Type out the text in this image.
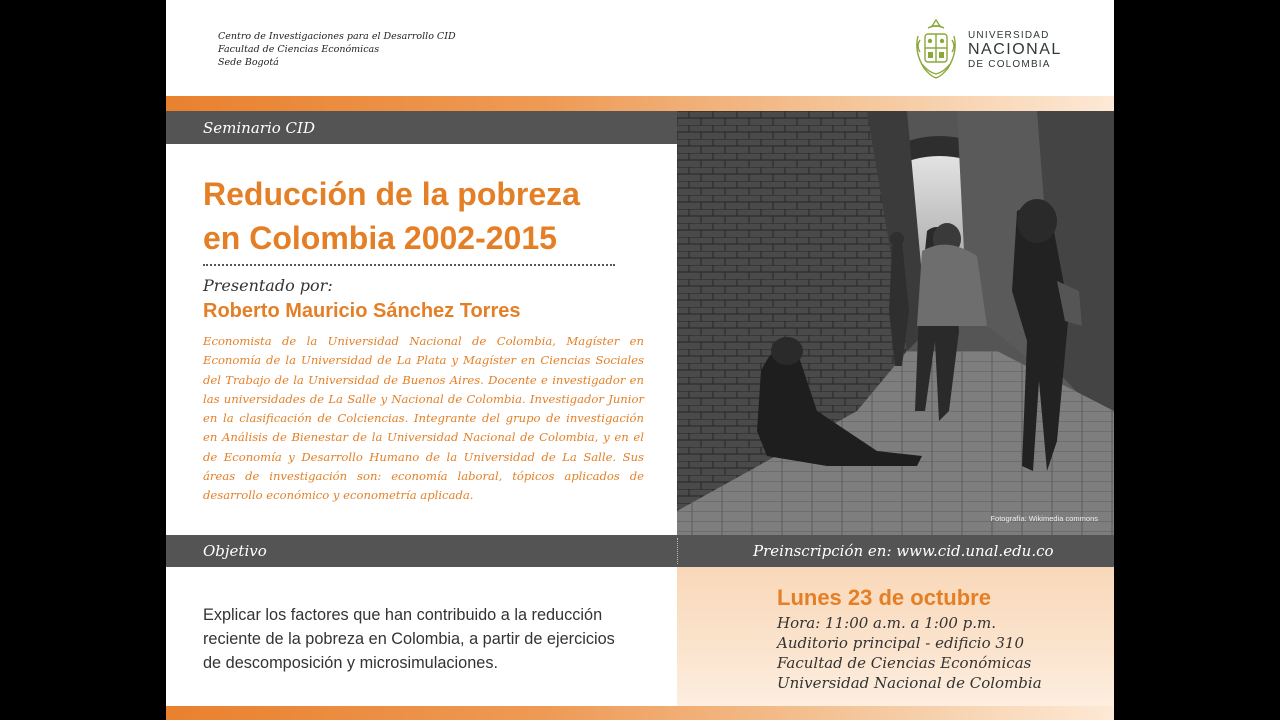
Centro de Investigaciones para el Desarrollo CID
Facultad de Ciencias Económicas
Sede Bogotá
UNIVERSIDAD
NACIONAL
DE COLOMBIA
Seminario CID
Fotografía: Wikimedia commons
Reducción de la pobreza
en Colombia 2002-2015
Presentado por:
Roberto Mauricio Sánchez Torres
Economista de la Universidad Nacional de Colombia, Magíster en Economía de la Universidad de La Plata y Magíster en Ciencias Sociales del Trabajo de la Universidad de Buenos Aires. Docente e investigador en las universidades de La Salle y Nacional de Colombia. Investigador Junior en la clasificación de Colciencias. Integrante del grupo de investigación en Análisis de Bienestar de la Universidad Nacional de Colombia, y en el de Economía y Desarrollo Humano de la Universidad de La Salle. Sus áreas de investigación son: economía laboral, tópicos aplicados de desarrollo económico y econometría aplicada.
Objetivo	Preinscripción en: www.cid.unal.edu.co
Explicar los factores que han contribuido a la reducción reciente de la pobreza en Colombia, a partir de ejercicios de descomposición y microsimulaciones.
Lunes 23 de octubre
Hora: 11:00 a.m. a 1:00 p.m.
Auditorio principal - edificio 310
Facultad de Ciencias Económicas
Universidad Nacional de Colombia
